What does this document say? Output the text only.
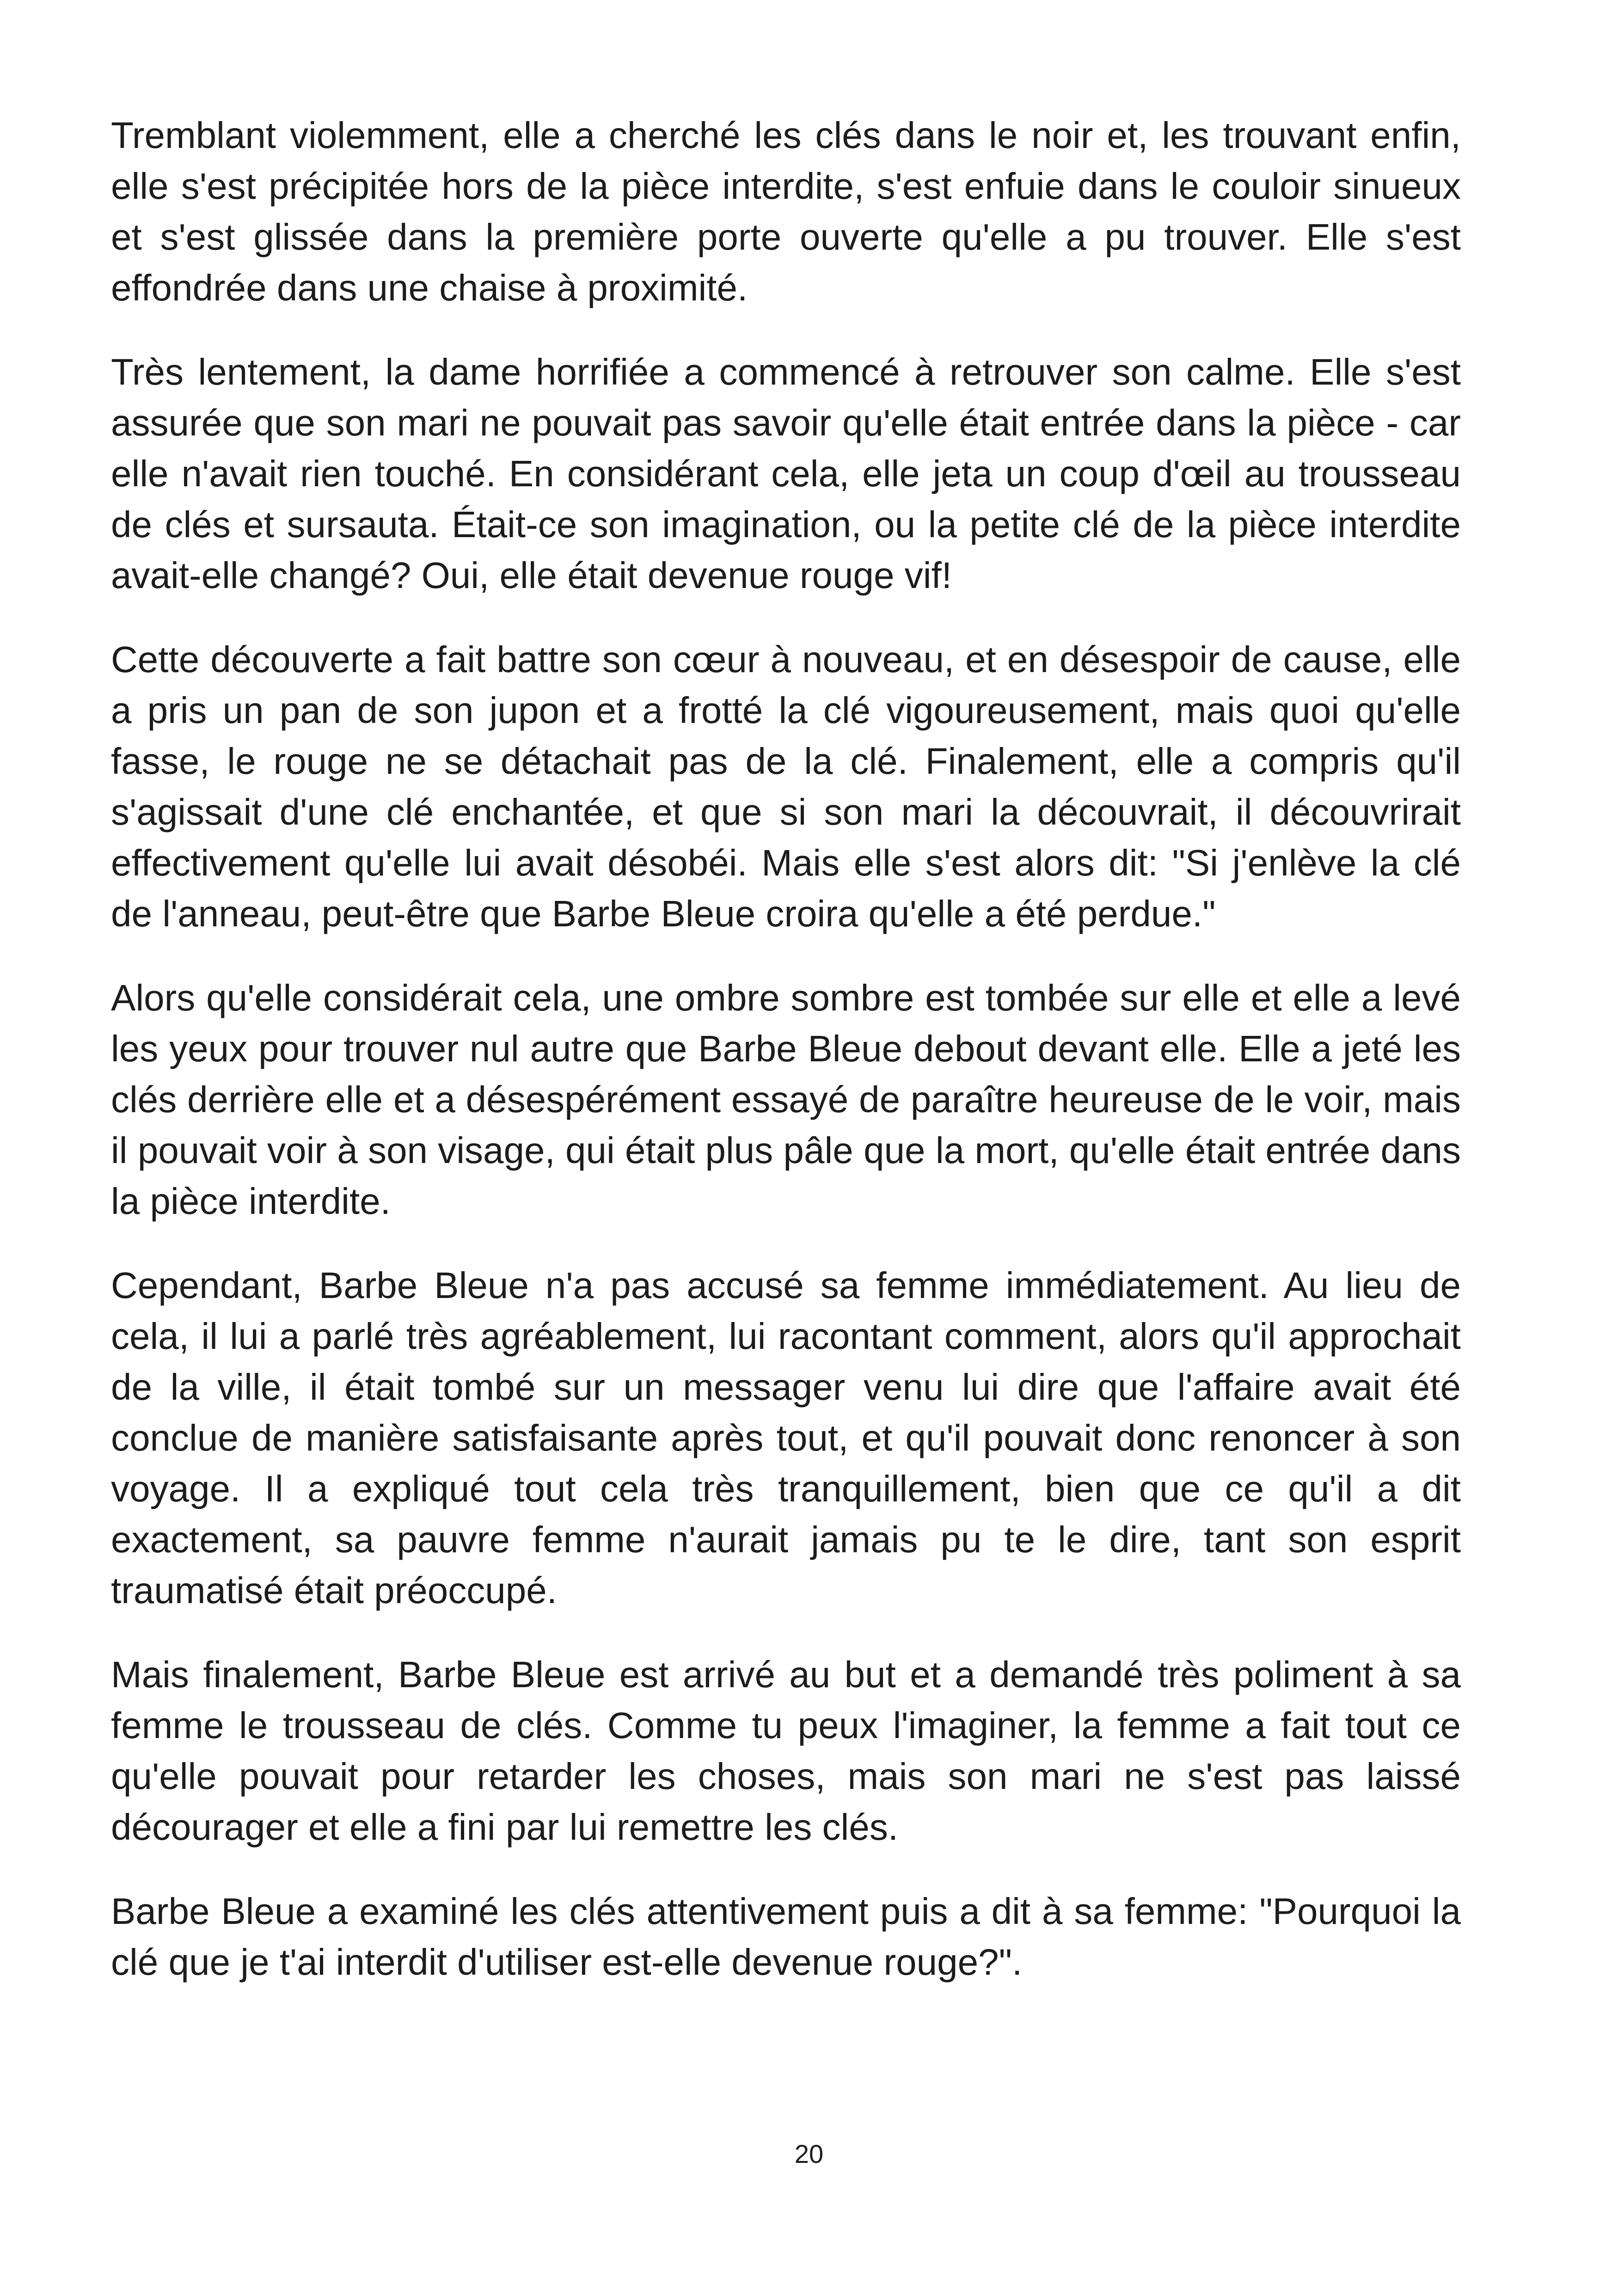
Tremblant violemment, elle a cherché les clés dans le noir et, les trouvant enfin, elle s'est précipitée hors de la pièce interdite, s'est enfuie dans le couloir sinueux et s'est glissée dans la première porte ouverte qu'elle a pu trouver. Elle s'est effondrée dans une chaise à proximité.

Très lentement, la dame horrifiée a commencé à retrouver son calme. Elle s'est assurée que son mari ne pouvait pas savoir qu'elle était entrée dans la pièce - car elle n'avait rien touché. En considérant cela, elle jeta un coup d'œil au trousseau de clés et sursauta. Était-ce son imagination, ou la petite clé de la pièce interdite avait-elle changé? Oui, elle était devenue rouge vif!

Cette découverte a fait battre son cœur à nouveau, et en désespoir de cause, elle a pris un pan de son jupon et a frotté la clé vigoureusement, mais quoi qu'elle fasse, le rouge ne se détachait pas de la clé. Finalement, elle a compris qu'il s'agissait d'une clé enchantée, et que si son mari la découvrait, il découvrirait effectivement qu'elle lui avait désobéi. Mais elle s'est alors dit: "Si j'enlève la clé de l'anneau, peut-être que Barbe Bleue croira qu'elle a été perdue."

Alors qu'elle considérait cela, une ombre sombre est tombée sur elle et elle a levé les yeux pour trouver nul autre que Barbe Bleue debout devant elle. Elle a jeté les clés derrière elle et a désespérément essayé de paraître heureuse de le voir, mais il pouvait voir à son visage, qui était plus pâle que la mort, qu'elle était entrée dans la pièce interdite.

Cependant, Barbe Bleue n'a pas accusé sa femme immédiatement. Au lieu de cela, il lui a parlé très agréablement, lui racontant comment, alors qu'il approchait de la ville, il était tombé sur un messager venu lui dire que l'affaire avait été conclue de manière satisfaisante après tout, et qu'il pouvait donc renoncer à son voyage. Il a expliqué tout cela très tranquillement, bien que ce qu'il a dit exactement, sa pauvre femme n'aurait jamais pu te le dire, tant son esprit traumatisé était préoccupé.

Mais finalement, Barbe Bleue est arrivé au but et a demandé très poliment à sa femme le trousseau de clés. Comme tu peux l'imaginer, la femme a fait tout ce qu'elle pouvait pour retarder les choses, mais son mari ne s'est pas laissé décourager et elle a fini par lui remettre les clés.

Barbe Bleue a examiné les clés attentivement puis a dit à sa femme: "Pourquoi la clé que je t'ai interdit d'utiliser est-elle devenue rouge?".

20
